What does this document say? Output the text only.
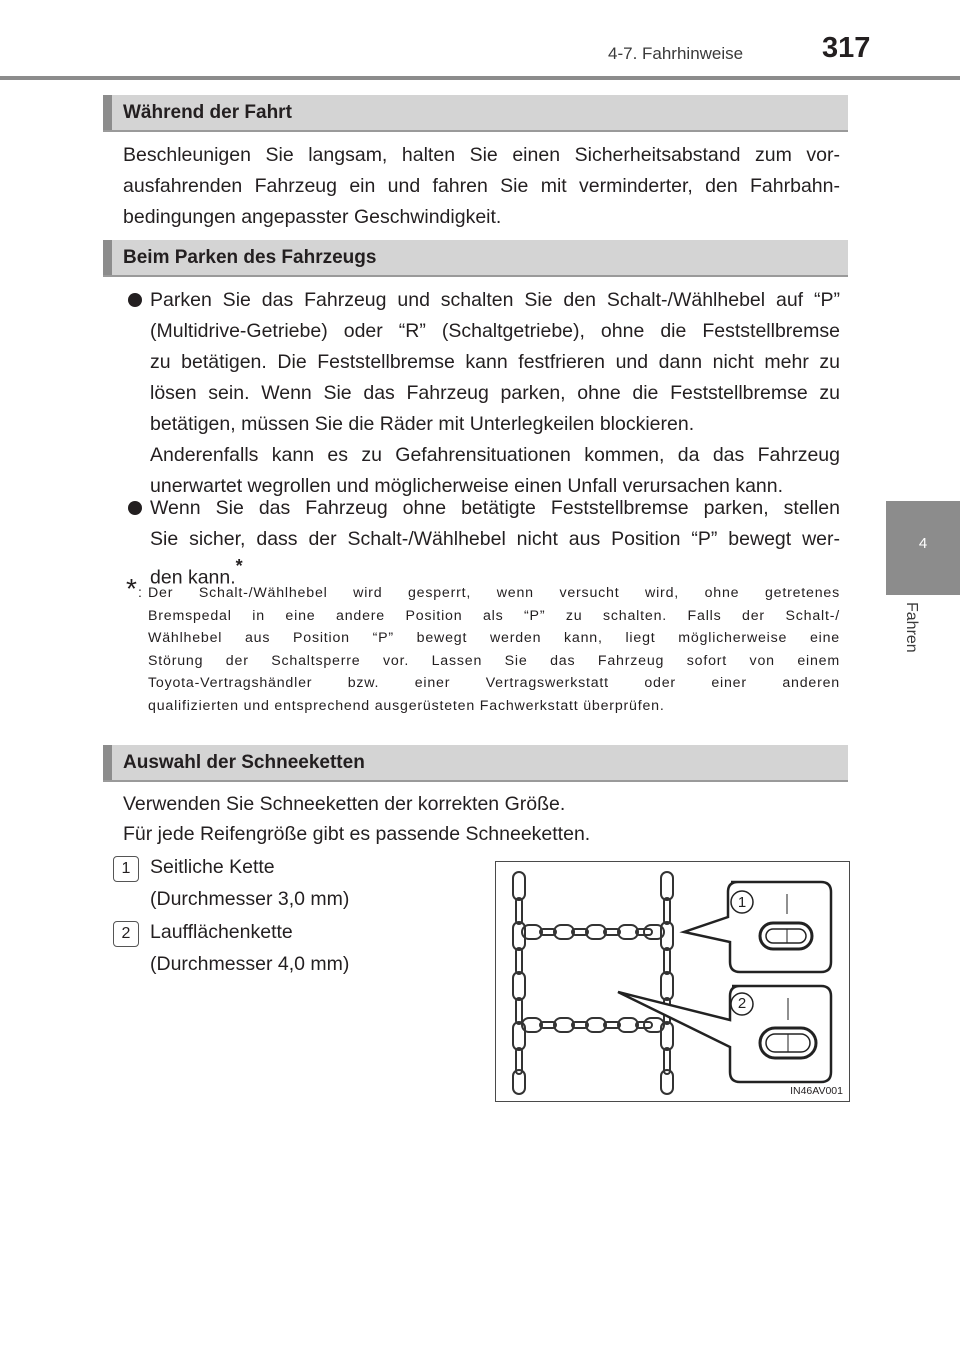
4-7. Fahrhinweise	317
4
Fahren
Während der Fahrt
Beschleunigen Sie langsam, halten Sie einen Sicherheitsabstand zum vor-
ausfahrenden Fahrzeug ein und fahren Sie mit verminderter, den Fahrbahn-
bedingungen angepasster Geschwindigkeit.
Beim Parken des Fahrzeugs
Parken Sie das Fahrzeug und schalten Sie den Schalt-/Wählhebel auf “P”
(Multidrive-Getriebe) oder “R” (Schaltgetriebe), ohne die Feststellbremse
zu betätigen. Die Feststellbremse kann festfrieren und dann nicht mehr zu
lösen sein. Wenn Sie das Fahrzeug parken, ohne die Feststellbremse zu
betätigen, müssen Sie die Räder mit Unterlegkeilen blockieren.
Anderenfalls kann es zu Gefahrensituationen kommen, da das Fahrzeug
unerwartet wegrollen und möglicherweise einen Unfall verursachen kann.
Wenn Sie das Fahrzeug ohne betätigte Feststellbremse parken, stellen
Sie sicher, dass der Schalt-/Wählhebel nicht aus Position “P” bewegt wer-
den kann.*
* : Der Schalt-/Wählhebel wird gesperrt, wenn versucht wird, ohne getretenes
Bremspedal in eine andere Position als “P” zu schalten. Falls der Schalt-/
Wählhebel aus Position “P” bewegt werden kann, liegt möglicherweise eine
Störung der Schaltsperre vor. Lassen Sie das Fahrzeug sofort von einem
Toyota-Vertragshändler bzw. einer Vertragswerkstatt oder einer anderen
qualifizierten und entsprechend ausgerüsteten Fachwerkstatt überprüfen.
Auswahl der Schneeketten
Verwenden Sie Schneeketten der korrekten Größe.
Für jede Reifengröße gibt es passende Schneeketten.
1	Seitliche Kette
(Durchmesser 3,0 mm)
2	Laufflächenkette
(Durchmesser 4,0 mm)
1
2
IN46AV001
